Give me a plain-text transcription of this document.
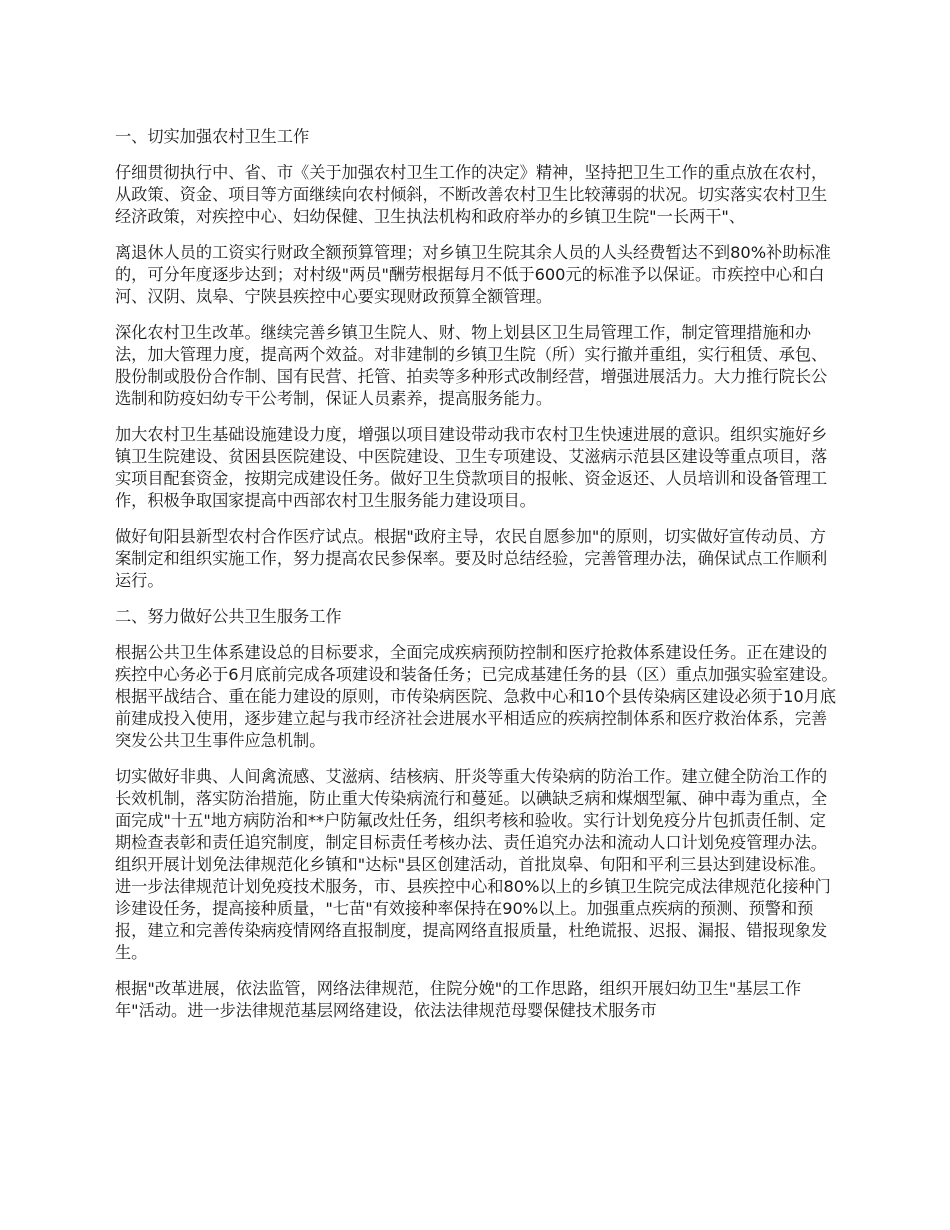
一、切实加强农村卫生工作

仔细贯彻执行中、省、市《关于加强农村卫生工作的决定》精神，坚持把卫生工作的重点放在农村，从政策、资金、项目等方面继续向农村倾斜，不断改善农村卫生比较薄弱的状况。切实落实农村卫生经济政策，对疾控中心、妇幼保健、卫生执法机构和政府举办的乡镇卫生院"一长两干"、

离退休人员的工资实行财政全额预算管理；对乡镇卫生院其余人员的人头经费暂达不到80%补助标准的，可分年度逐步达到；对村级"两员"酬劳根据每月不低于600元的标准予以保证。市疾控中心和白河、汉阴、岚皋、宁陕县疾控中心要实现财政预算全额管理。

深化农村卫生改革。继续完善乡镇卫生院人、财、物上划县区卫生局管理工作，制定管理措施和办法，加大管理力度，提高两个效益。对非建制的乡镇卫生院（所）实行撤并重组，实行租赁、承包、股份制或股份合作制、国有民营、托管、拍卖等多种形式改制经营，增强进展活力。大力推行院长公选制和防疫妇幼专干公考制，保证人员素养，提高服务能力。

加大农村卫生基础设施建设力度，增强以项目建设带动我市农村卫生快速进展的意识。组织实施好乡镇卫生院建设、贫困县医院建设、中医院建设、卫生专项建设、艾滋病示范县区建设等重点项目，落实项目配套资金，按期完成建设任务。做好卫生贷款项目的报帐、资金返还、人员培训和设备管理工作，积极争取国家提高中西部农村卫生服务能力建设项目。

做好旬阳县新型农村合作医疗试点。根据"政府主导，农民自愿参加"的原则，切实做好宣传动员、方案制定和组织实施工作，努力提高农民参保率。要及时总结经验，完善管理办法，确保试点工作顺利运行。

二、努力做好公共卫生服务工作

根据公共卫生体系建设总的目标要求，全面完成疾病预防控制和医疗抢救体系建设任务。正在建设的疾控中心务必于6月底前完成各项建设和装备任务；已完成基建任务的县（区）重点加强实验室建设。根据平战结合、重在能力建设的原则，市传染病医院、急救中心和10个县传染病区建设必须于10月底前建成投入使用，逐步建立起与我市经济社会进展水平相适应的疾病控制体系和医疗救治体系，完善突发公共卫生事件应急机制。

切实做好非典、人间禽流感、艾滋病、结核病、肝炎等重大传染病的防治工作。建立健全防治工作的长效机制，落实防治措施，防止重大传染病流行和蔓延。以碘缺乏病和煤烟型氟、砷中毒为重点，全面完成"十五"地方病防治和**户防氟改灶任务，组织考核和验收。实行计划免疫分片包抓责任制、定期检查表彰和责任追究制度，制定目标责任考核办法、责任追究办法和流动人口计划免疫管理办法。组织开展计划免法律规范化乡镇和"达标"县区创建活动，首批岚皋、旬阳和平利三县达到建设标准。进一步法律规范计划免疫技术服务，市、县疾控中心和80%以上的乡镇卫生院完成法律规范化接种门诊建设任务，提高接种质量，"七苗"有效接种率保持在90%以上。加强重点疾病的预测、预警和预报，建立和完善传染病疫情网络直报制度，提高网络直报质量，杜绝谎报、迟报、漏报、错报现象发生。

根据"改革进展，依法监管，网络法律规范，住院分娩"的工作思路，组织开展妇幼卫生"基层工作年"活动。进一步法律规范基层网络建设，依法法律规范母婴保健技术服务市
